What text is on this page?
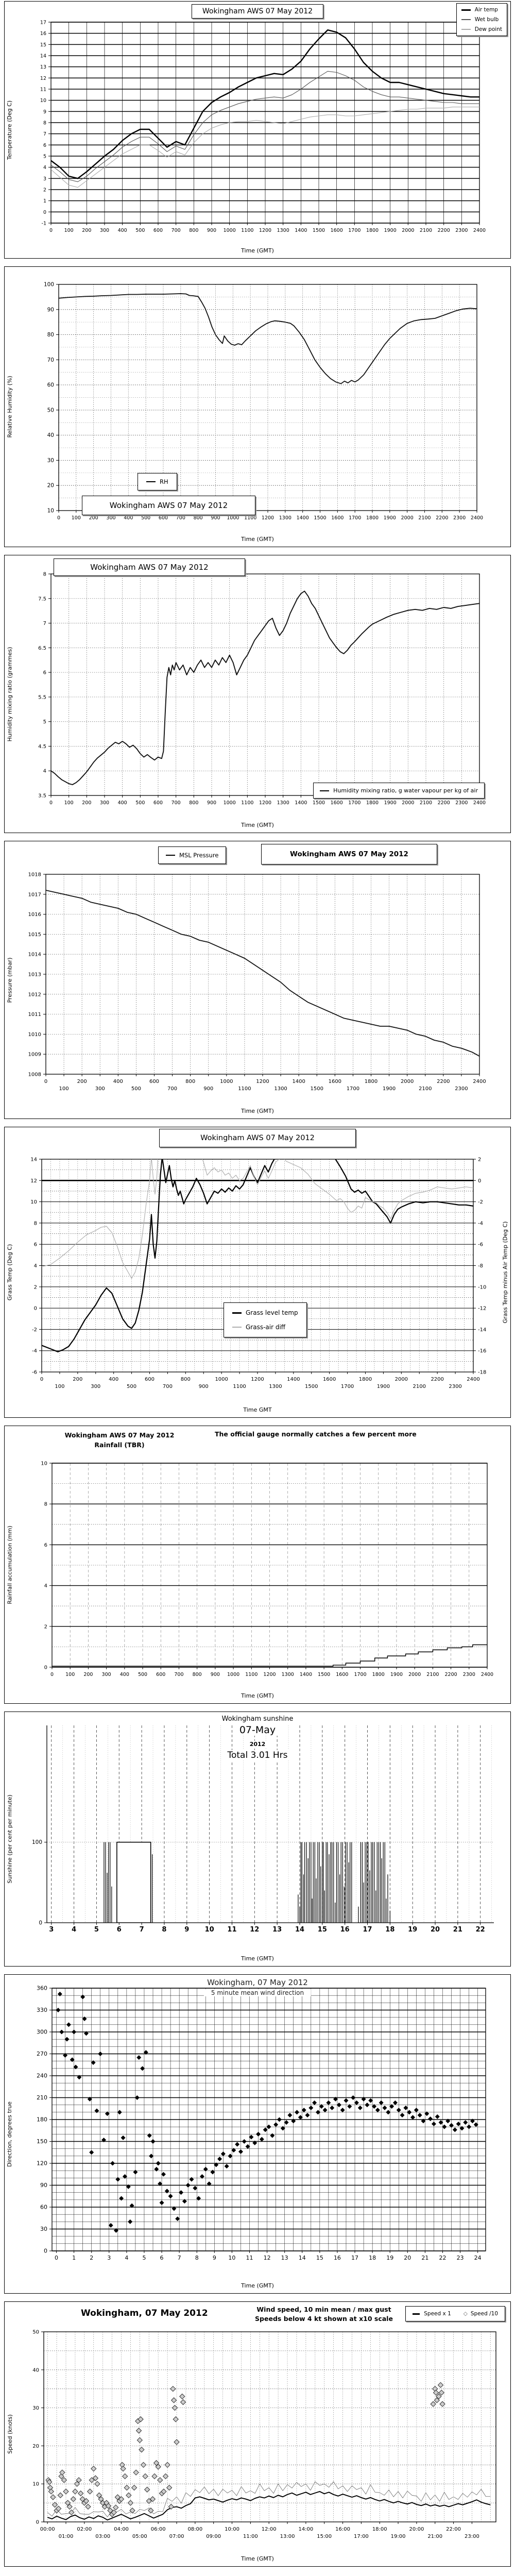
0 100 200 300 400 500 600 700 800 900 1000 1100 1200 1300 1400 1500 1600 1700 1800 1900 2000 2100 2200 2300 2400
-1
0
1
2
3
4
5
6
7
8
9
10
11
12
13
14
15
16
17
Wokingham AWS 07 May 2012	Air temp
Wet bulb
Dew point
Temperature (Deg C)
Time (GMT)
0 100 200 300 400 500 600 700 800 900 1000 1100 1200 1300 1400 1500 1600 1700 1800 1900 2000 2100 2200 2300 2400
10
20
30
40
50
60
70
80
90
100
RH
Wokingham AWS 07 May 2012
Relative Humidity (%)
Time (GMT)
0 100 200 300 400 500 600 700 800 900 1000 1100 1200 1300 1400 1500 1600 1700 1800 1900 2000 2100 2200 2300 2400
3.5
4
4.5
5
5.5
6
6.5
7
7.5
8
Wokingham AWS 07 May 2012
Humidity mixing ratio, g water vapour per kg of air
Humidity mixing ratio (grammes)
Time (GMT)
0
100
200
300
400
500
600
700
800
900
1000
1100
1200
1300
1400
1500
1600
1700
1800
1900
2000
2100
2200
2300
2400
1008
1009
1010
1011
1012
1013
1014
1015
1016
1017
1018
MSL Pressure	Wokingham AWS 07 May 2012
Pressure (mbar)
Time (GMT)
0
100
200
300
400
500
600
700
800
900
1000
1100
1200
1300
1400
1500
1600
1700
1800
1900
2000
2100
2200
2300
2400
-6
-4
-2
0
2
4
6
8
10
12
14
-18
-16
-14
-12
-10
-8
-6
-4
-2
0
2
Wokingham AWS 07 May 2012
Grass level temp
Grass-air diff
Grass Temp (Deg C)	Grass Temp minus Air Temp (Deg C)
Time GMT
0 100 200 300 400 500 600 700 800 900 1000 1100 1200 1300 1400 1500 1600 1700 1800 1900 2000 2100 2200 2300 2400
0
2
4
6
8
10
Wokingham AWS 07 May 2012
Rainfall (TBR)
The official gauge normally catches a few percent more
Rainfall accumulation (mm)
Time (GMT)
3	4	5	6	7	8	9 10 11 12 13 14 15 16 17 18 19 20 21 22
0
100
Wokingham sunshine
07-May
2012
Total 3.01 Hrs
Sunshine (per cent per minute)
Time (GMT)
0 1 2 3 4 5 6 7 8 9 10 11 12 13 14 15 16 17 18 19 20 21 22 23 24
0
30
60
90
120
150
180
210
240
270
300
330
360
Wokingham, 07 May 2012
5 minute mean wind direction
Direction, degrees true
Time (GMT)
00:00
01:00
02:00
03:00
04:00
05:00
06:00
07:00
08:00
09:00
10:00
11:00
12:00
13:00
14:00
15:00
16:00
17:00
18:00
19:00
20:00
21:00
22:00
23:00
0
10
20
30
40
50
Wokingham, 07 May 2012	Wind speed, 10 min mean / max gust
Speeds below 4 kt shown at x10 scale
Speed x 1 ◇ Speed /10
Speed (knots)
Time (GMT)
